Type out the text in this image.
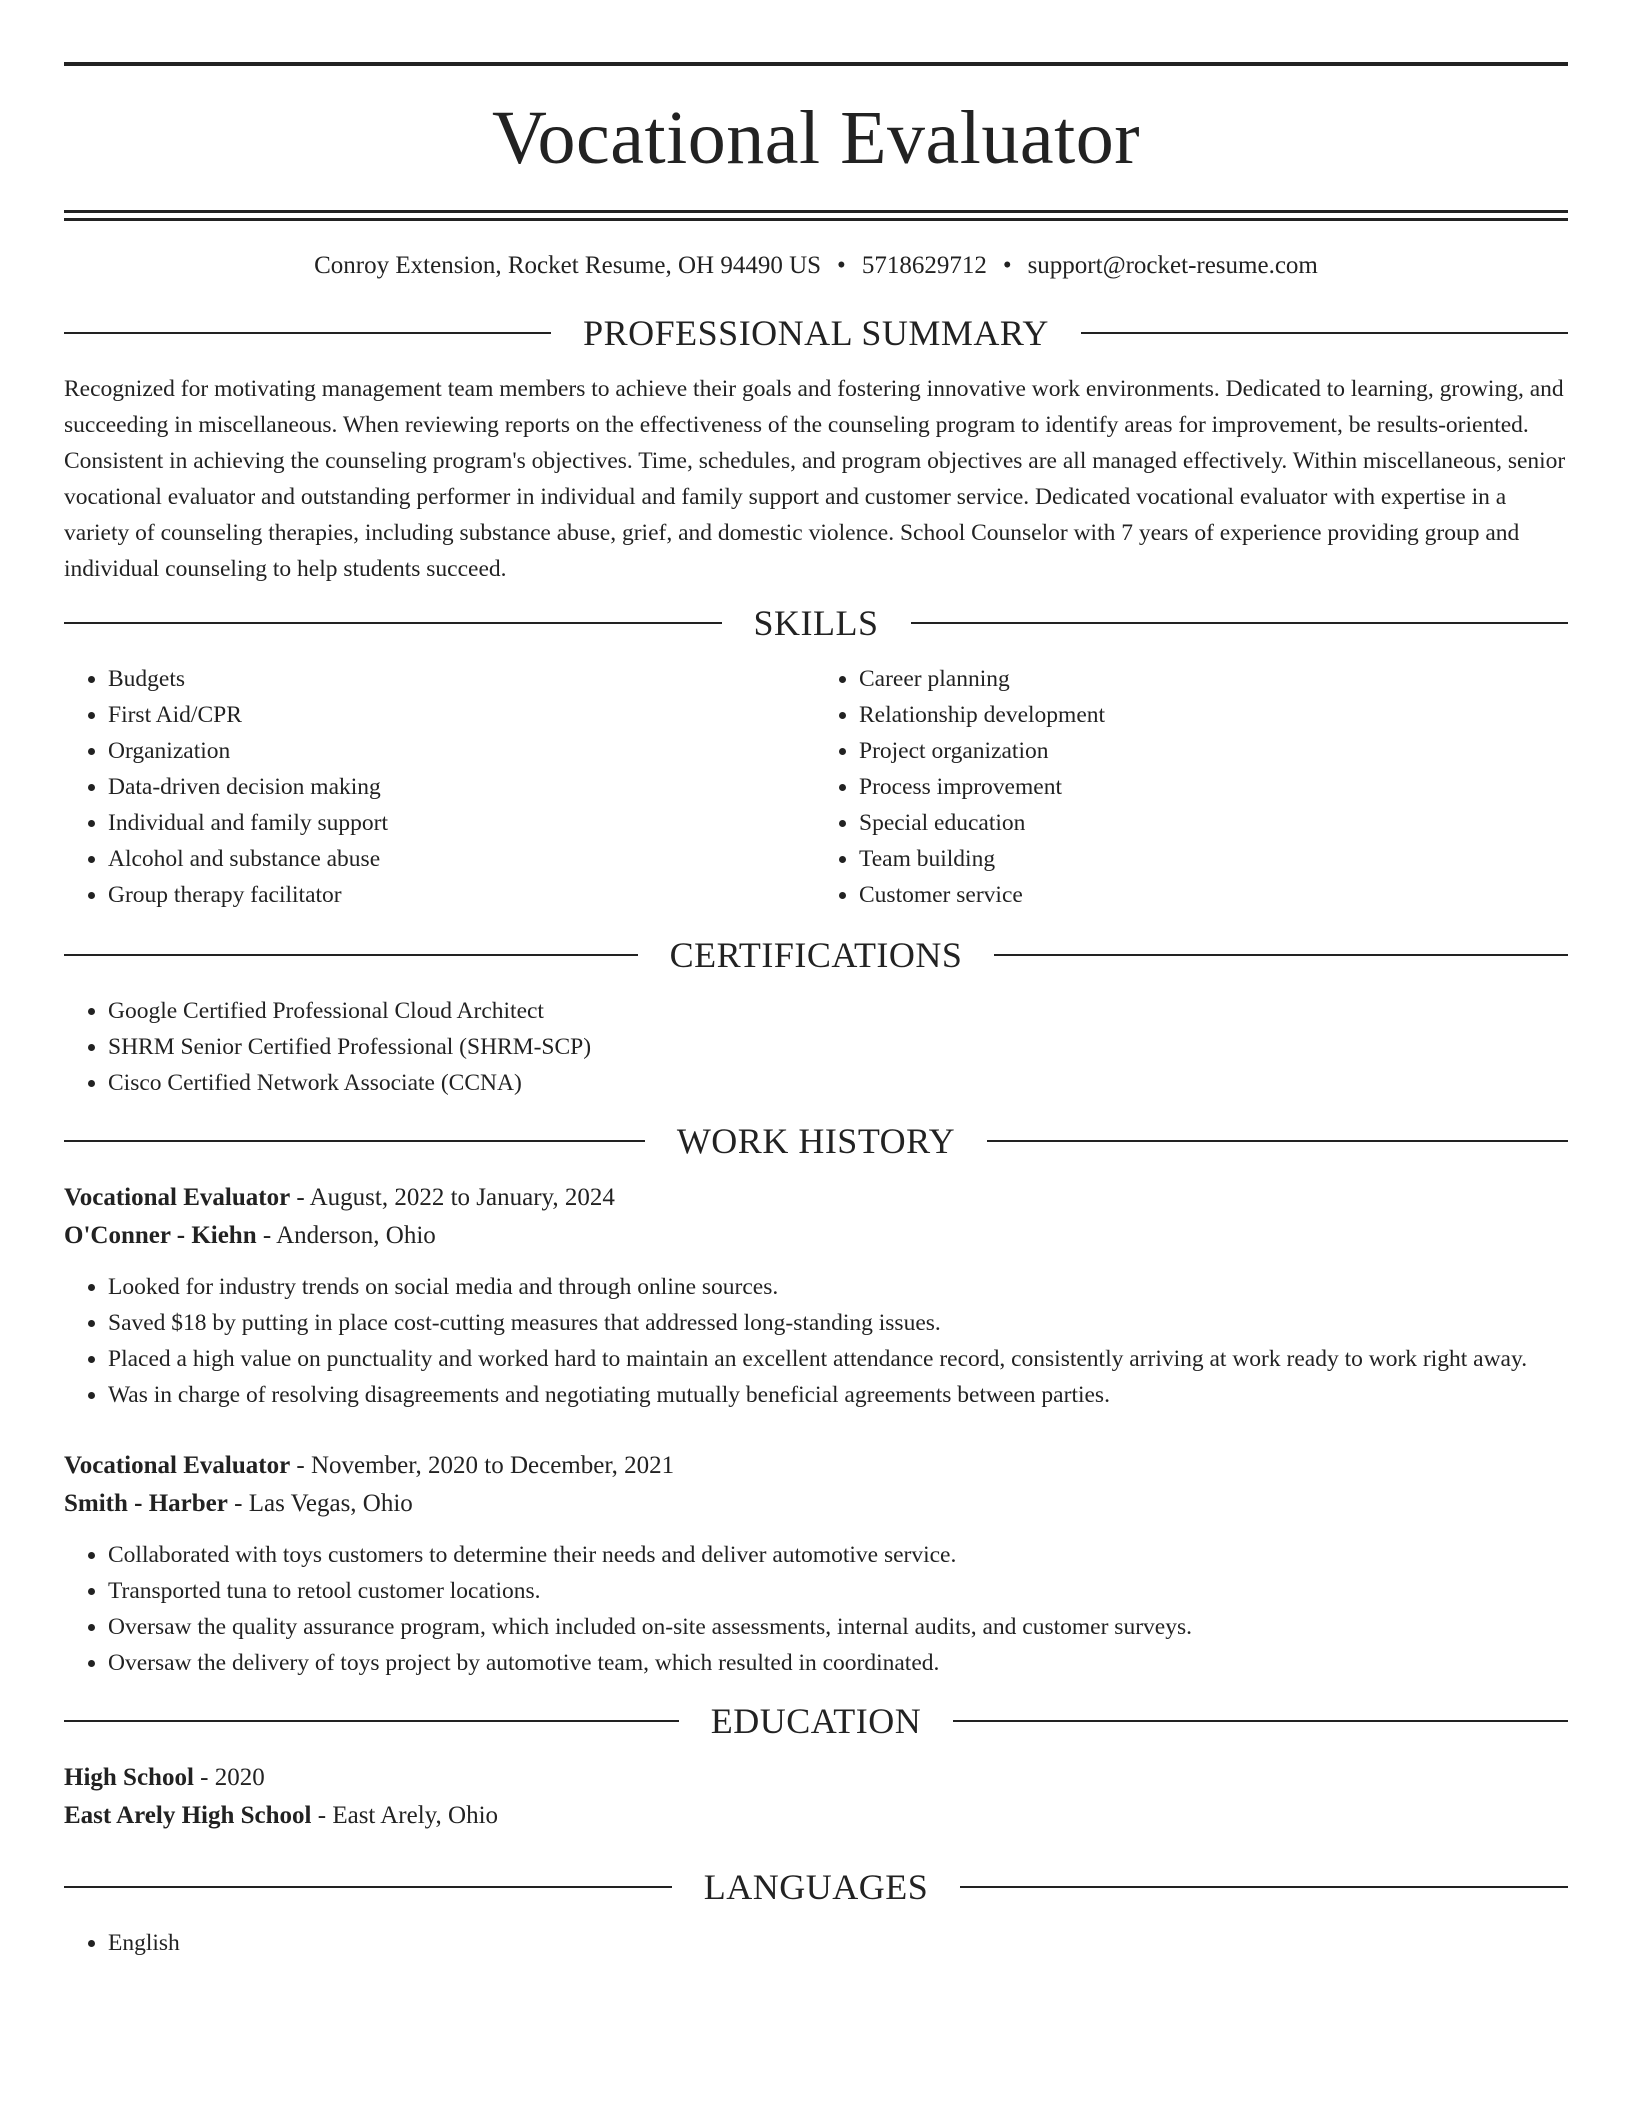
Vocational Evaluator
Conroy Extension, Rocket Resume, OH 94490 US • 5718629712 • support@rocket-resume.com
PROFESSIONAL SUMMARY

Recognized for motivating management team members to achieve their goals and fostering innovative work environments. Dedicated to learning, growing, and succeeding in miscellaneous. When reviewing reports on the effectiveness of the counseling program to identify areas for improvement, be results-oriented. Consistent in achieving the counseling program's objectives. Time, schedules, and program objectives are all managed effectively. Within miscellaneous, senior vocational evaluator and outstanding performer in individual and family support and customer service. Dedicated vocational evaluator with expertise in a variety of counseling therapies, including substance abuse, grief, and domestic violence. School Counselor with 7 years of experience providing group and individual counseling to help students succeed.

SKILLS
• Budgets
• First Aid/CPR
• Organization
• Data-driven decision making
• Individual and family support
• Alcohol and substance abuse
• Group therapy facilitator
• Career planning
• Relationship development
• Project organization
• Process improvement
• Special education
• Team building
• Customer service
CERTIFICATIONS
• Google Certified Professional Cloud Architect
• SHRM Senior Certified Professional (SHRM-SCP)
• Cisco Certified Network Associate (CCNA)
WORK HISTORY
Vocational Evaluator - August, 2022 to January, 2024
O'Conner - Kiehn - Anderson, Ohio
• Looked for industry trends on social media and through online sources.
• Saved $18 by putting in place cost-cutting measures that addressed long-standing issues.
• Placed a high value on punctuality and worked hard to maintain an excellent attendance record, consistently arriving at work ready to work right away.
• Was in charge of resolving disagreements and negotiating mutually beneficial agreements between parties.
Vocational Evaluator - November, 2020 to December, 2021
Smith - Harber - Las Vegas, Ohio
• Collaborated with toys customers to determine their needs and deliver automotive service.
• Transported tuna to retool customer locations.
• Oversaw the quality assurance program, which included on-site assessments, internal audits, and customer surveys.
• Oversaw the delivery of toys project by automotive team, which resulted in coordinated.
EDUCATION
High School - 2020
East Arely High School - East Arely, Ohio
LANGUAGES
• English
